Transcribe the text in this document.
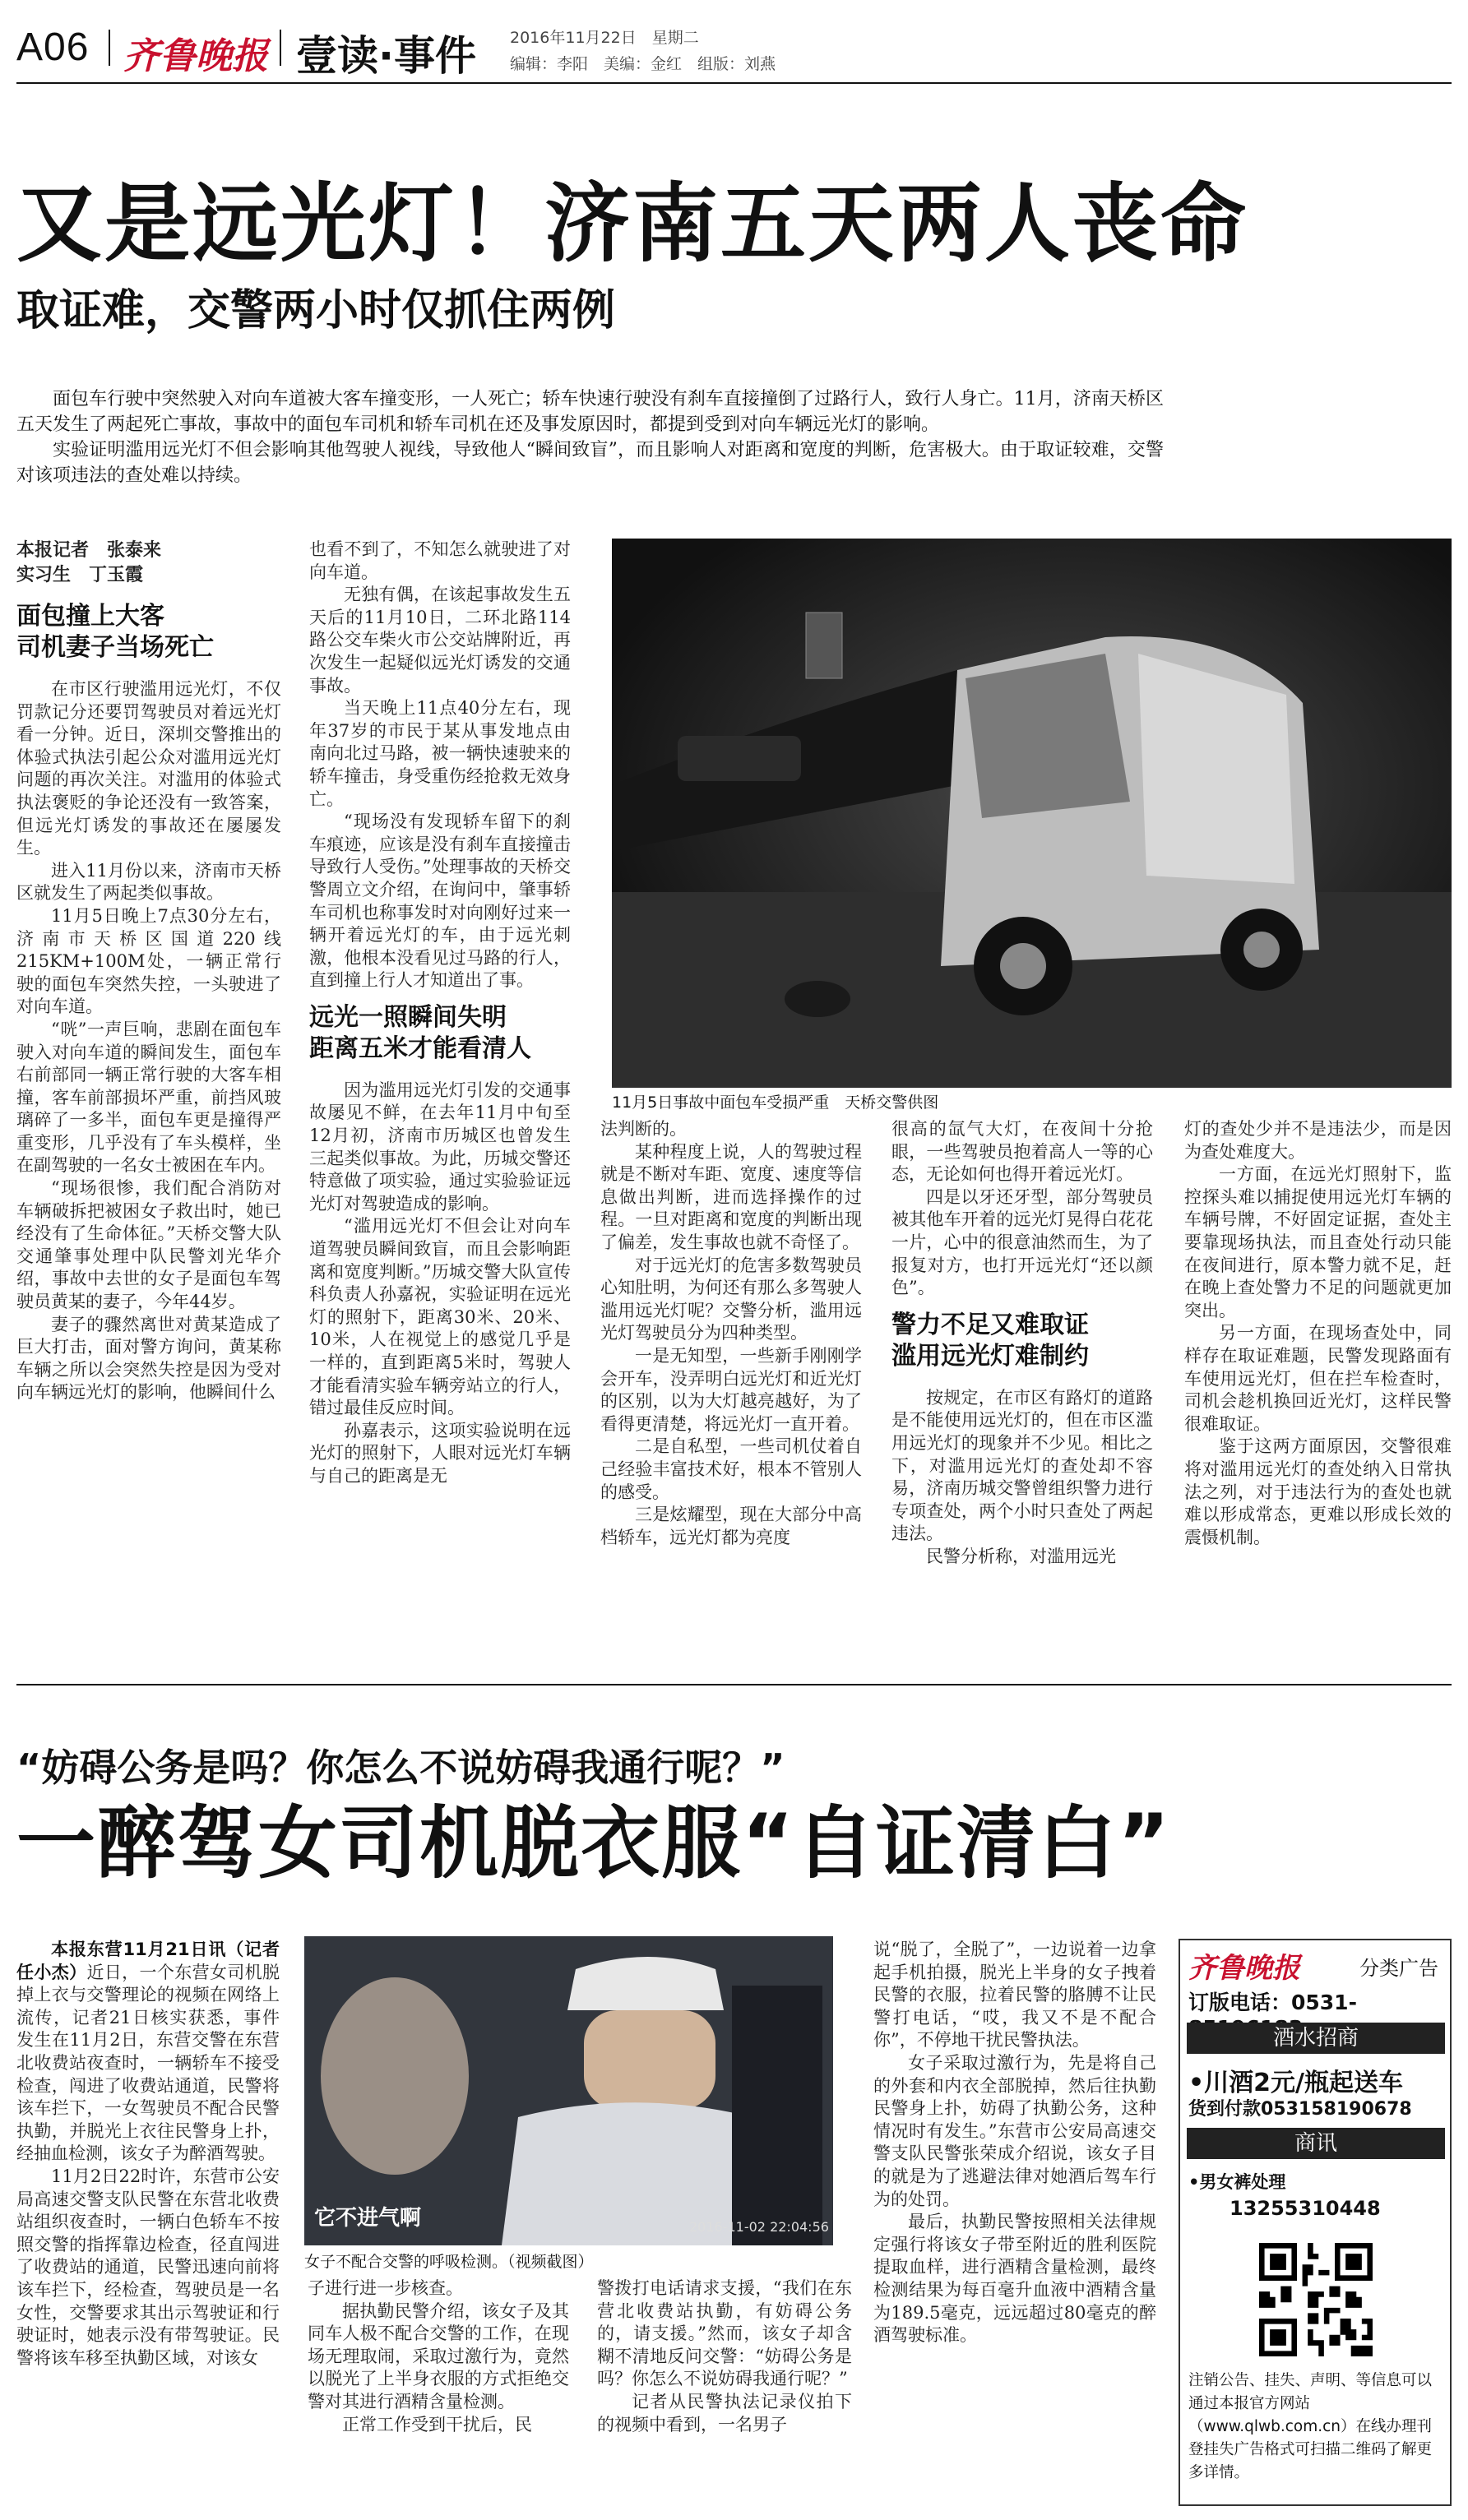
A06 齐鲁晚报 壹读·事件 2016年11月22日　星期二
编辑：李阳　美编：金红　组版：刘燕
又是远光灯！济南五天两人丧命
取证难，交警两小时仅抓住两例

面包车行驶中突然驶入对向车道被大客车撞变形，一人死亡；轿车快速行驶没有刹车直接撞倒了过路行人，致行人身亡。11月，济南天桥区五天发生了两起死亡事故，事故中的面包车司机和轿车司机在还及事发原因时，都提到受到对向车辆远光灯的影响。

实验证明滥用远光灯不但会影响其他驾驶人视线，导致他人“瞬间致盲”，而且影响人对距离和宽度的判断，危害极大。由于取证较难，交警对该项违法的查处难以持续。

本报记者　张泰来
实习生　丁玉霞
面包撞上大客
司机妻子当场死亡

在市区行驶滥用远光灯，不仅罚款记分还要罚驾驶员对着远光灯看一分钟。近日，深圳交警推出的体验式执法引起公众对滥用远光灯问题的再次关注。对滥用的体验式执法褒贬的争论还没有一致答案，但远光灯诱发的事故还在屡屡发生。

进入11月份以来，济南市天桥区就发生了两起类似事故。

11月5日晚上7点30分左右，济南市天桥区国道220线215KM+100M处，一辆正常行驶的面包车突然失控，一头驶进了对向车道。

“咣”一声巨响，悲剧在面包车驶入对向车道的瞬间发生，面包车右前部同一辆正常行驶的大客车相撞，客车前部损坏严重，前挡风玻璃碎了一多半，面包车更是撞得严重变形，几乎没有了车头模样，坐在副驾驶的一名女士被困在车内。

“现场很惨，我们配合消防对车辆破拆把被困女子救出时，她已经没有了生命体征。”天桥交警大队交通肇事处理中队民警刘光华介绍，事故中去世的女子是面包车驾驶员黄某的妻子，今年44岁。

妻子的骤然离世对黄某造成了巨大打击，面对警方询问，黄某称车辆之所以会突然失控是因为受对向车辆远光灯的影响，他瞬间什么

也看不到了，不知怎么就驶进了对向车道。

无独有偶，在该起事故发生五天后的11月10日，二环北路114路公交车柴火市公交站牌附近，再次发生一起疑似远光灯诱发的交通事故。

当天晚上11点40分左右，现年37岁的市民于某从事发地点由南向北过马路，被一辆快速驶来的轿车撞击，身受重伤经抢救无效身亡。

“现场没有发现轿车留下的刹车痕迹，应该是没有刹车直接撞击导致行人受伤。”处理事故的天桥交警周立文介绍，在询问中，肇事轿车司机也称事发时对向刚好过来一辆开着远光灯的车，由于远光刺激，他根本没看见过马路的行人，直到撞上行人才知道出了事。

远光一照瞬间失明
距离五米才能看清人

因为滥用远光灯引发的交通事故屡见不鲜，在去年11月中旬至12月初，济南市历城区也曾发生三起类似事故。为此，历城交警还特意做了项实验，通过实验验证远光灯对驾驶造成的影响。

“滥用远光灯不但会让对向车道驾驶员瞬间致盲，而且会影响距离和宽度判断。”历城交警大队宣传科负责人孙嘉祝，实验证明在远光灯的照射下，距离30米、20米、10米，人在视觉上的感觉几乎是一样的，直到距离5米时，驾驶人才能看清实验车辆旁站立的行人，错过最佳反应时间。

孙嘉表示，这项实验说明在远光灯的照射下，人眼对远光灯车辆与自己的距离是无

11月5日事故中面包车受损严重　天桥交警供图

法判断的。

某种程度上说，人的驾驶过程就是不断对车距、宽度、速度等信息做出判断，进而选择操作的过程。一旦对距离和宽度的判断出现了偏差，发生事故也就不奇怪了。

对于远光灯的危害多数驾驶员心知肚明，为何还有那么多驾驶人滥用远光灯呢？交警分析，滥用远光灯驾驶员分为四种类型。

一是无知型，一些新手刚刚学会开车，没弄明白远光灯和近光灯的区别，以为大灯越亮越好，为了看得更清楚，将远光灯一直开着。

二是自私型，一些司机仗着自己经验丰富技术好，根本不管别人的感受。

三是炫耀型，现在大部分中高档轿车，远光灯都为亮度

很高的氙气大灯，在夜间十分抢眼，一些驾驶员抱着高人一等的心态，无论如何也得开着远光灯。

四是以牙还牙型，部分驾驶员被其他车开着的远光灯晃得白花花一片，心中的很意油然而生，为了报复对方，也打开远光灯“还以颜色”。

警力不足又难取证
滥用远光灯难制约

按规定，在市区有路灯的道路是不能使用远光灯的，但在市区滥用远光灯的现象并不少见。相比之下，对滥用远光灯的查处却不容易，济南历城交警曾组织警力进行专项查处，两个小时只查处了两起违法。

民警分析称，对滥用远光

灯的查处少并不是违法少，而是因为查处难度大。

一方面，在远光灯照射下，监控探头难以捕捉使用远光灯车辆的车辆号牌，不好固定证据，查处主要靠现场执法，而且查处行动只能在夜间进行，原本警力就不足，赶在晚上查处警力不足的问题就更加突出。

另一方面，在现场查处中，同样存在取证难题，民警发现路面有车使用远光灯，但在拦车检查时，司机会趁机换回近光灯，这样民警很难取证。

鉴于这两方面原因，交警很难将对滥用远光灯的查处纳入日常执法之列，对于违法行为的查处也就难以形成常态，更难以形成长效的震慑机制。

“妨碍公务是吗？你怎么不说妨碍我通行呢？”
一醉驾女司机脱衣服“自证清白”

本报东营11月21日讯（记者　任小杰）近日，一个东营女司机脱掉上衣与交警理论的视频在网络上流传，记者21日核实获悉，事件发生在11月2日，东营交警在东营北收费站夜查时，一辆轿车不接受检查，闯进了收费站通道，民警将该车拦下，一女驾驶员不配合民警执勤，并脱光上衣往民警身上扑，经抽血检测，该女子为醉酒驾驶。

11月2日22时许，东营市公安局高速交警支队民警在东营北收费站组织夜查时，一辆白色轿车不按照交警的指挥靠边检查，径直闯进了收费站的通道，民警迅速向前将该车拦下，经检查，驾驶员是一名女性，交警要求其出示驾驶证和行驶证时，她表示没有带驾驶证。民警将该车移至执勤区域，对该女

它不进气啊	2016-11-02 22:04:56
女子不配合交警的呼吸检测。（视频截图）

子进行进一步核查。

据执勤民警介绍，该女子及其同车人极不配合交警的工作，在现场无理取闹，采取过激行为，竟然以脱光了上半身衣服的方式拒绝交警对其进行酒精含量检测。

正常工作受到干扰后，民

警拨打电话请求支援，“我们在东营北收费站执勤，有妨碍公务的，请支援。”然而，该女子却含糊不清地反问交警：“妨碍公务是吗？你怎么不说妨碍我通行呢？”

记者从民警执法记录仪拍下的视频中看到，一名男子

说“脱了，全脱了”，一边说着一边拿起手机拍摄，脱光上半身的女子拽着民警的衣服，拉着民警的胳膊不让民警打电话，“哎，我又不是不配合你”，不停地干扰民警执法。

女子采取过激行为，先是将自己的外套和内衣全部脱掉，然后往执勤民警身上扑，妨碍了执勤公务，这种情况时有发生。”东营市公安局高速交警支队民警张荣成介绍说，该女子目的就是为了逃避法律对她酒后驾车行为的处罚。

最后，执勤民警按照相关法律规定强行将该女子带至附近的胜利医院提取血样，进行酒精含量检测，最终检测结果为每百毫升血液中酒精含量为189.5毫克，远远超过80毫克的醉酒驾驶标准。

齐鲁晚报	分类广告
订版电话：0531-
酒水招商
•川酒2元/瓶起送车
货到付款05315819067​8
商讯
•男女裤处理
13255310448
注销公告、挂失、声明、等信息可以通过本报官方网站（www.qlwb.com.cn）在线办理刊登挂失广告格式可扫描二维码了解更多详情。
